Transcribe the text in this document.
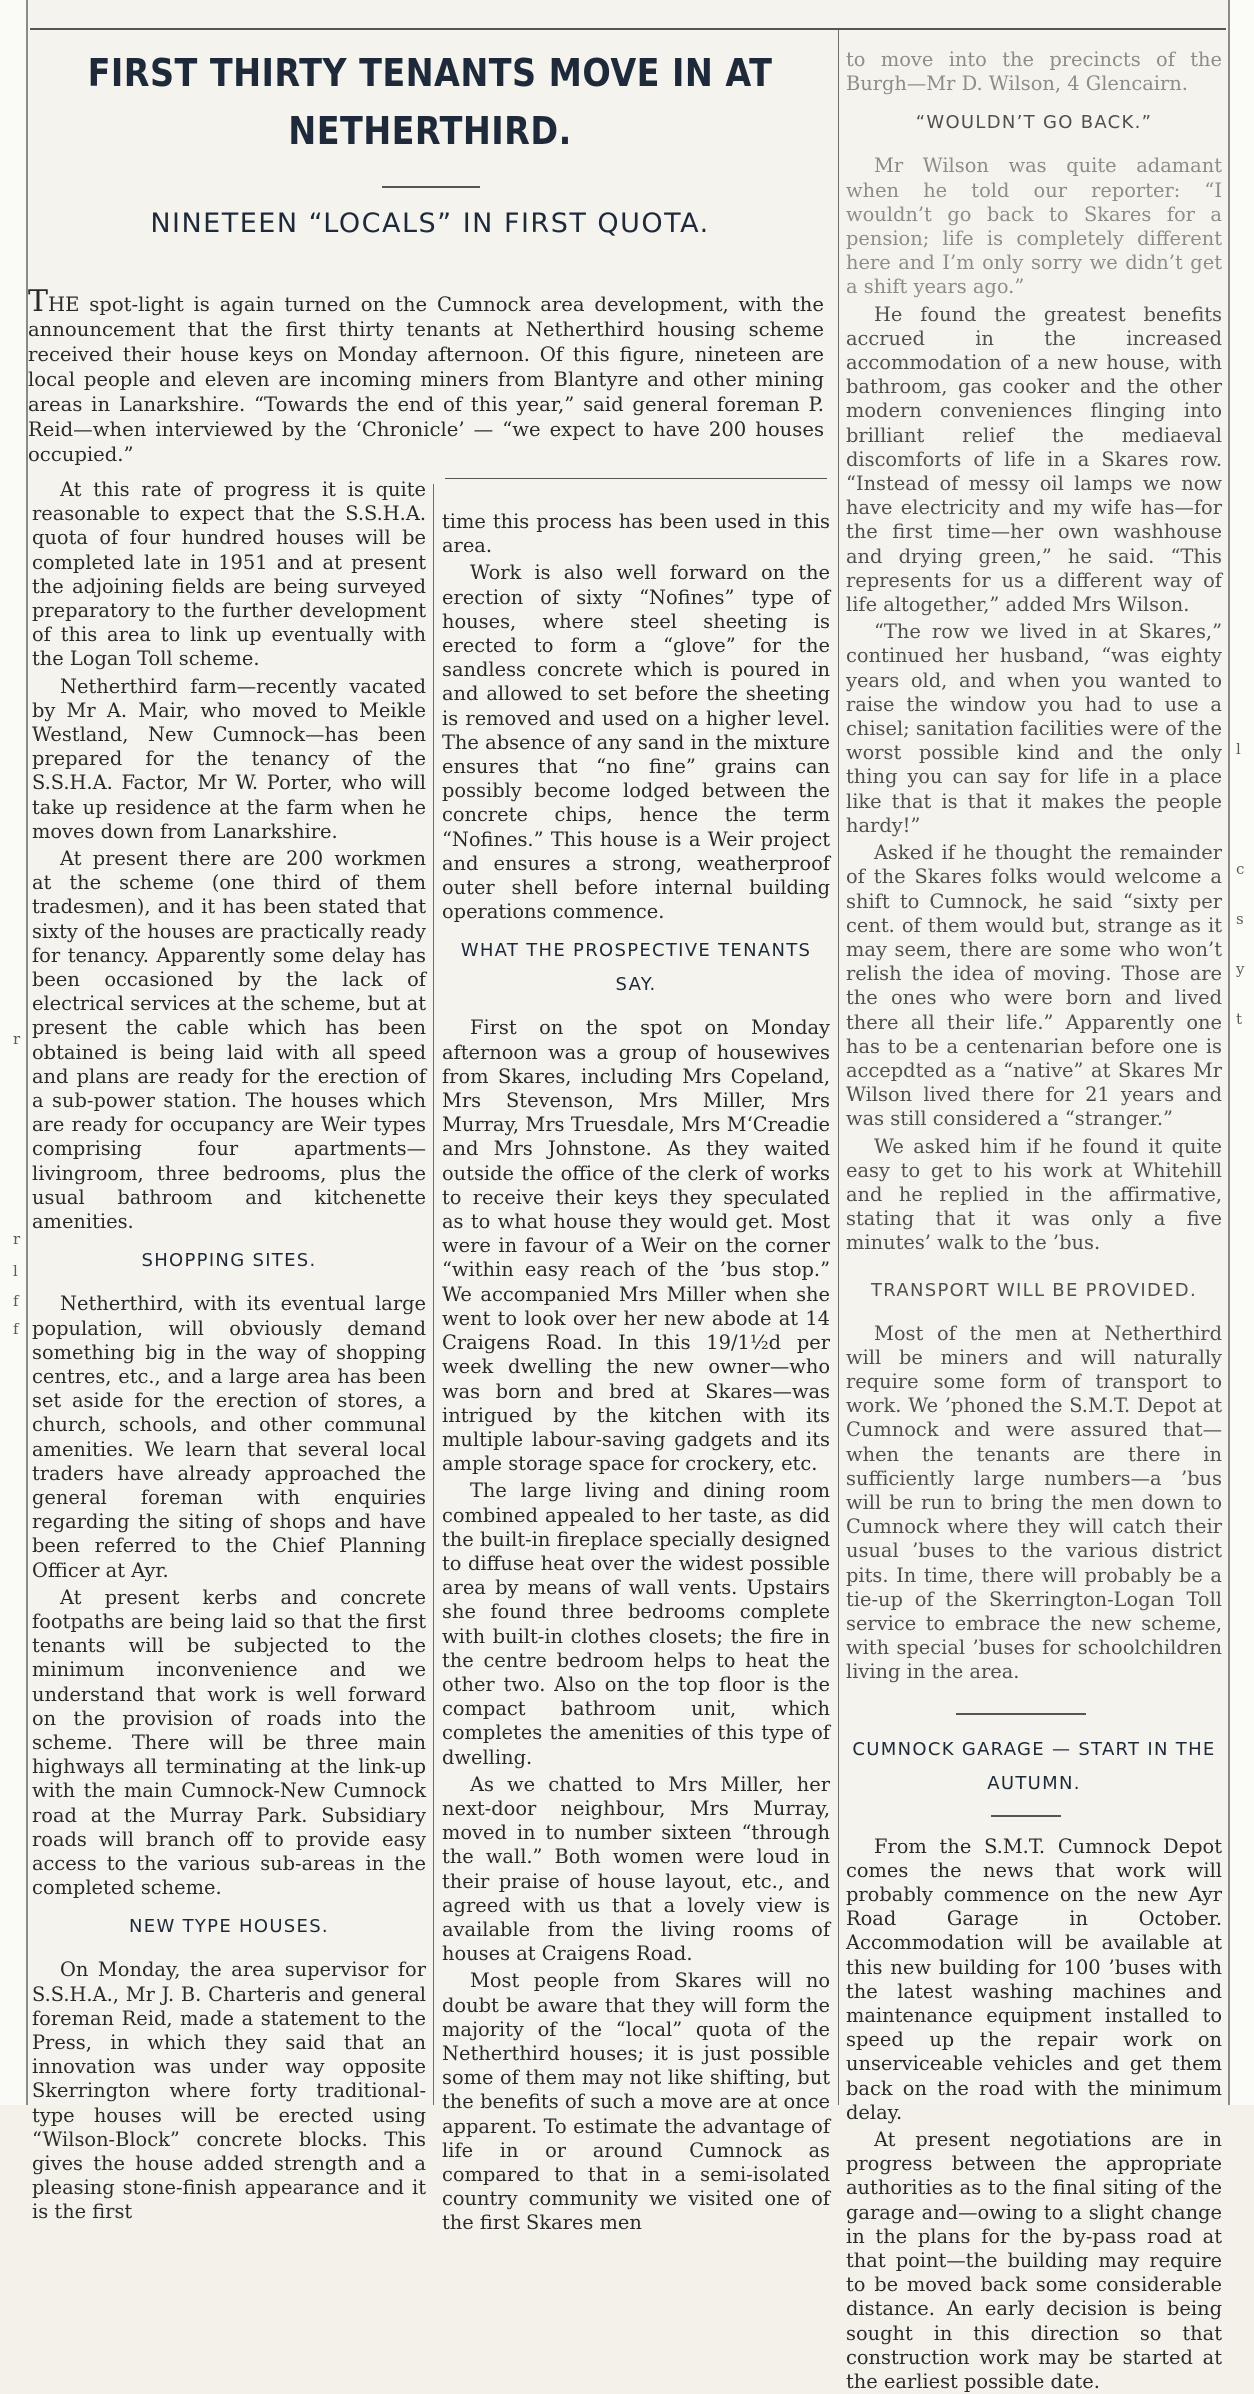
r
r
l
f
f
l
c
s
y
t
FIRST THIRTY TENANTS MOVE IN AT
NETHERTHIRD.
NINETEEN “LOCALS” IN FIRST QUOTA.

THE spot-light is again turned on the Cumnock area development, with the announcement that the first thirty tenants at Netherthird housing scheme received their house keys on Monday afternoon. Of this figure, nineteen are local people and eleven are incoming miners from Blantyre and other mining areas in Lanarkshire. “Towards the end of this year,” said general foreman P. Reid—when interviewed by the ‘Chronicle’ — “we expect to have 200 houses occupied.”

At this rate of progress it is quite reasonable to expect that the S.S.H.A. quota of four hundred houses will be completed late in 1951 and at present the adjoining fields are being surveyed preparatory to the further development of this area to link up eventually with the Logan Toll scheme.

Netherthird farm—recently vacated by Mr A. Mair, who moved to Meikle Westland, New Cumnock—has been prepared for the tenancy of the S.S.H.A. Factor, Mr W. Porter, who will take up residence at the farm when he moves down from Lanarkshire.

At present there are 200 workmen at the scheme (one third of them tradesmen), and it has been stated that sixty of the houses are practically ready for tenancy. Apparently some delay has been occasioned by the lack of electrical services at the scheme, but at present the cable which has been obtained is being laid with all speed and plans are ready for the erection of a sub-power station. The houses which are ready for occupancy are Weir types comprising four apartments—livingroom, three bedrooms, plus the usual bathroom and kitchenette amenities.

SHOPPING SITES.

Netherthird, with its eventual large population, will obviously demand something big in the way of shopping centres, etc., and a large area has been set aside for the erection of stores, a church, schools, and other communal amenities. We learn that several local traders have already approached the general foreman with enquiries regarding the siting of shops and have been referred to the Chief Planning Officer at Ayr.

At present kerbs and concrete footpaths are being laid so that the first tenants will be subjected to the minimum inconvenience and we understand that work is well forward on the provision of roads into the scheme. There will be three main highways all terminating at the link-up with the main Cumnock-New Cumnock road at the Murray Park. Subsidiary roads will branch off to provide easy access to the various sub-areas in the completed scheme.

NEW TYPE HOUSES.

On Monday, the area supervisor for S.S.H.A., Mr J. B. Charteris and general foreman Reid, made a statement to the Press, in which they said that an innovation was under way opposite Skerrington where forty traditional-type houses will be erected using “Wilson-Block” concrete blocks. This gives the house added strength and a pleasing stone-finish appearance and it is the first

time this process has been used in this area.

Work is also well forward on the erection of sixty “Nofines” type of houses, where steel sheeting is erected to form a “glove” for the sandless concrete which is poured in and allowed to set before the sheeting is removed and used on a higher level. The absence of any sand in the mixture ensures that “no fine” grains can possibly become lodged between the concrete chips, hence the term “Nofines.” This house is a Weir project and ensures a strong, weatherproof outer shell before internal building operations commence.

WHAT THE PROSPECTIVE TENANTS SAY.

First on the spot on Monday afternoon was a group of housewives from Skares, including Mrs Copeland, Mrs Stevenson, Mrs Miller, Mrs Murray, Mrs Truesdale, Mrs M‘Creadie and Mrs Johnstone. As they waited outside the office of the clerk of works to receive their keys they speculated as to what house they would get. Most were in favour of a Weir on the corner “within easy reach of the ’bus stop.” We accompanied Mrs Miller when she went to look over her new abode at 14 Craigens Road. In this 19/1½d per week dwelling the new owner—who was born and bred at Skares—was intrigued by the kitchen with its multiple labour-saving gadgets and its ample storage space for crockery, etc.

The large living and dining room combined appealed to her taste, as did the built-in fireplace specially designed to diffuse heat over the widest possible area by means of wall vents. Upstairs she found three bedrooms complete with built-in clothes closets; the fire in the centre bedroom helps to heat the other two. Also on the top floor is the compact bathroom unit, which completes the amenities of this type of dwelling.

As we chatted to Mrs Miller, her next-door neighbour, Mrs Murray, moved in to number sixteen “through the wall.” Both women were loud in their praise of house layout, etc., and agreed with us that a lovely view is available from the living rooms of houses at Craigens Road.

Most people from Skares will no doubt be aware that they will form the majority of the “local” quota of the Netherthird houses; it is just possible some of them may not like shifting, but the benefits of such a move are at once apparent. To estimate the advantage of life in or around Cumnock as compared to that in a semi-isolated country community we visited one of the first Skares men

to move into the precincts of the Burgh—Mr D. Wilson, 4 Glencairn.

“WOULDN’T GO BACK.”

Mr Wilson was quite adamant when he told our reporter: “I wouldn’t go back to Skares for a pension; life is completely different here and I’m only sorry we didn’t get a shift years ago.”

He found the greatest benefits accrued in the increased accommodation of a new house, with bathroom, gas cooker and the other modern conveniences flinging into brilliant relief the mediaeval discomforts of life in a Skares row. “Instead of messy oil lamps we now have electricity and my wife has—for the first time—her own washhouse and drying green,” he said. “This represents for us a different way of life altogether,” added Mrs Wilson.

“The row we lived in at Skares,” continued her husband, “was eighty years old, and when you wanted to raise the window you had to use a chisel; sanitation facilities were of the worst possible kind and the only thing you can say for life in a place like that is that it makes the people hardy!”

Asked if he thought the remainder of the Skares folks would welcome a shift to Cumnock, he said “sixty per cent. of them would but, strange as it may seem, there are some who won’t relish the idea of moving. Those are the ones who were born and lived there all their life.” Apparently one has to be a centenarian before one is accepdted as a “native” at Skares Mr Wilson lived there for 21 years and was still considered a “stranger.”

We asked him if he found it quite easy to get to his work at Whitehill and he replied in the affirmative, stating that it was only a five minutes’ walk to the ’bus.

TRANSPORT WILL BE PROVIDED.

Most of the men at Netherthird will be miners and will naturally require some form of transport to work. We ’phoned the S.M.T. Depot at Cumnock and were assured that—when the tenants are there in sufficiently large numbers—a ’bus will be run to bring the men down to Cumnock where they will catch their usual ’buses to the various district pits. In time, there will probably be a tie-up of the Skerrington-Logan Toll service to embrace the new scheme, with special ’buses for schoolchildren living in the area.

CUMNOCK GARAGE — START IN THE AUTUMN.

From the S.M.T. Cumnock Depot comes the news that work will probably commence on the new Ayr Road Garage in October. Accommodation will be available at this new building for 100 ’buses with the latest washing machines and maintenance equipment installed to speed up the repair work on unserviceable vehicles and get them back on the road with the minimum delay.

At present negotiations are in progress between the appropriate authorities as to the final siting of the garage and—owing to a slight change in the plans for the by-pass road at that point—the building may require to be moved back some considerable distance. An early decision is being sought in this direction so that construction work may be started at the earliest possible date.
